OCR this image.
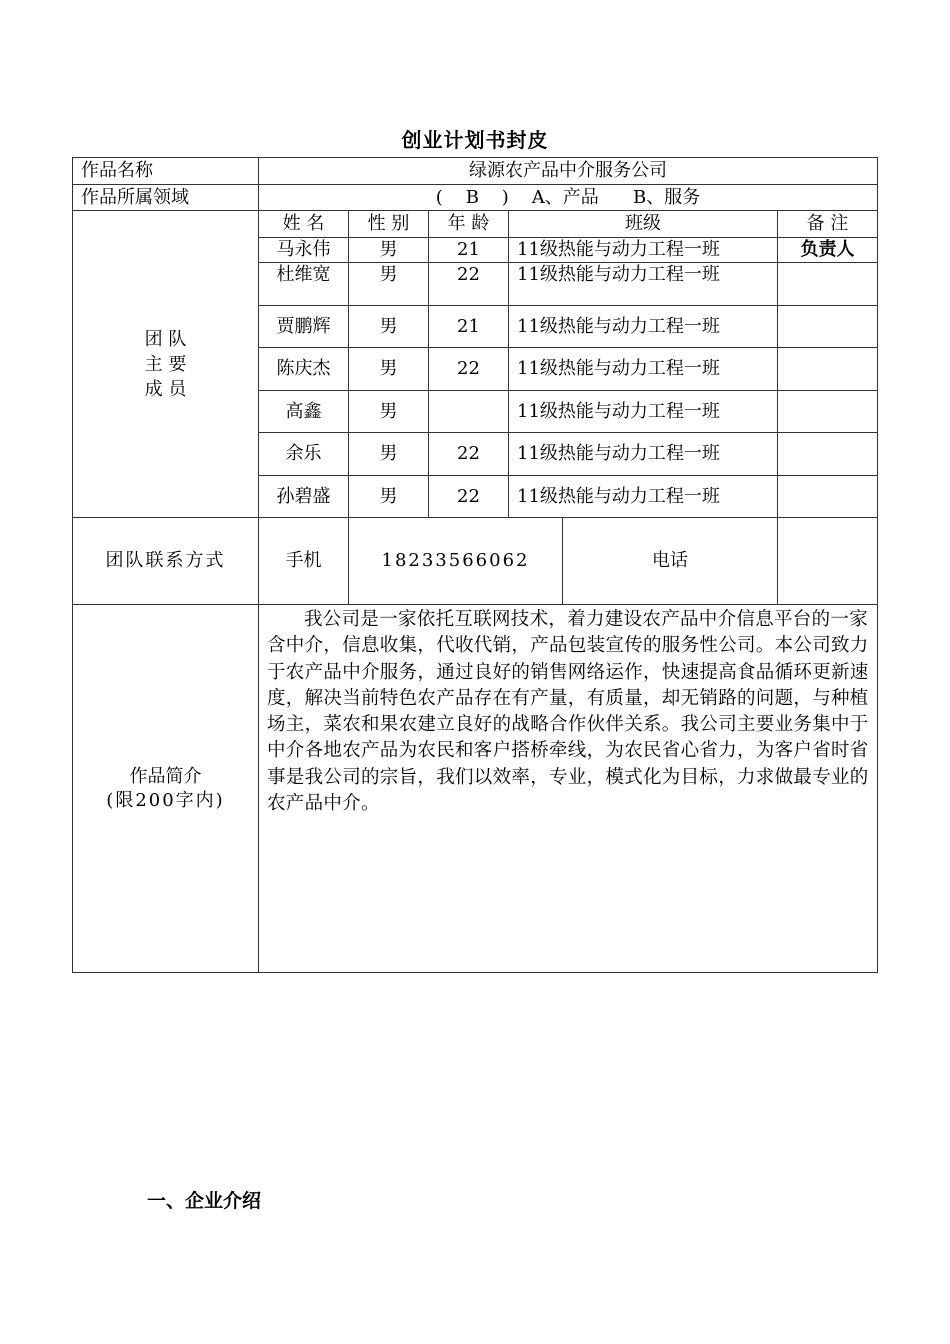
创业计划书封皮
作品名称	绿源农产品中介服务公司					
作品所属领域	(    B    )    A、产品      B、服务					
团 队
主 要
成 员	姓 名	性 别	年 龄	班级		备 注
	马永伟	男	21	11级热能与动力工程一班		负责人
	杜维宽	男	22	11级热能与动力工程一班		
	贾鹏辉	男	21	11级热能与动力工程一班		
	陈庆杰	男	22	11级热能与动力工程一班		
	高鑫	男		11级热能与动力工程一班		
	余乐	男	22	11级热能与动力工程一班		
	孙碧盛	男	22	11级热能与动力工程一班		
团队联系方式	手机	18233566062			电话	

作品简介
(限200字内)	我公司是一家依托互联网技术，着力建设农产品中介信息平台的一家含中介，信息收集，代收代销，产品包装宣传的服务性公司。本公司致力于农产品中介服务，通过良好的销售网络运作，快速提高食品循环更新速度，解决当前特色农产品存在有产量，有质量，却无销路的问题，与种植场主，菜农和果农建立良好的战略合作伙伴关系。我公司主要业务集中于中介各地农产品为农民和客户搭桥牵线，为农民省心省力，为客户省时省事是我公司的宗旨，我们以效率，专业，模式化为目标，力求做最专业的农产品中介。					
一、企业介绍
